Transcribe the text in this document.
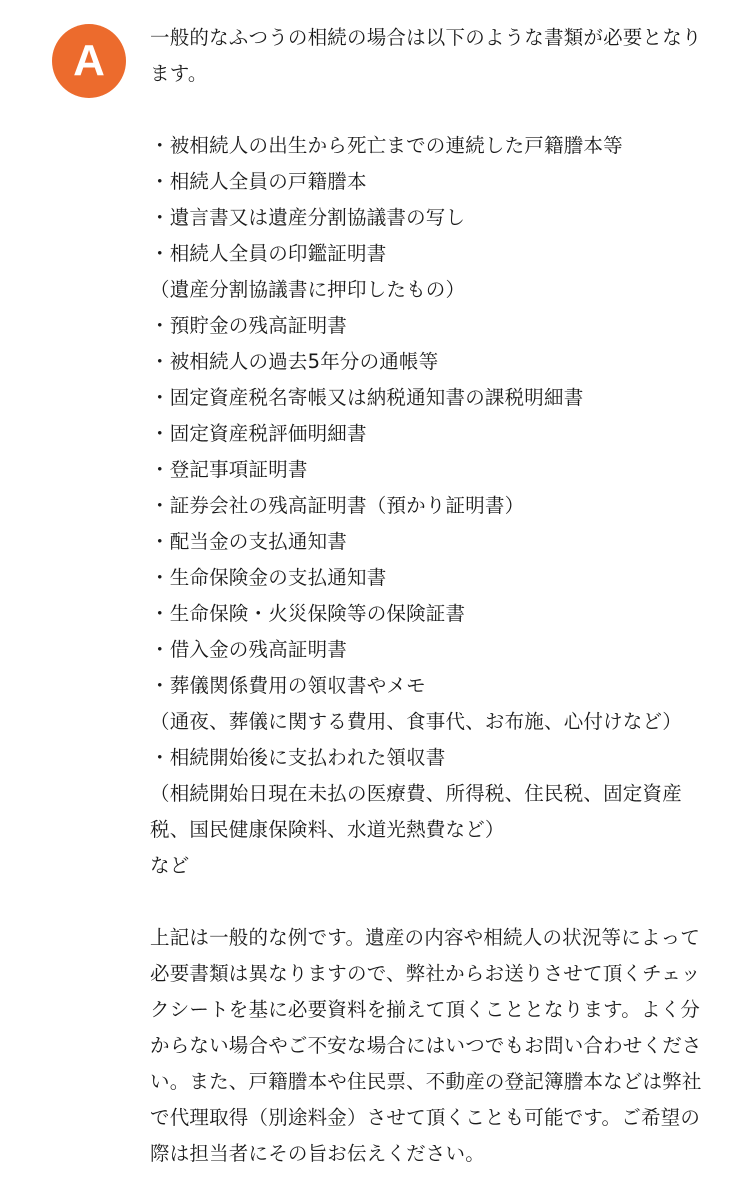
A 一般的なふつうの相続の場合は以下のような書類が必要となります。

・被相続人の出生から死亡までの連続した戸籍謄本等

・相続人全員の戸籍謄本

・遺言書又は遺産分割協議書の写し

・相続人全員の印鑑証明書

（遺産分割協議書に押印したもの）

・預貯金の残高証明書

・被相続人の過去5年分の通帳等

・固定資産税名寄帳又は納税通知書の課税明細書

・固定資産税評価明細書

・登記事項証明書

・証券会社の残高証明書（預かり証明書）

・配当金の支払通知書

・生命保険金の支払通知書

・生命保険・火災保険等の保険証書

・借入金の残高証明書

・葬儀関係費用の領収書やメモ

（通夜、葬儀に関する費用、食事代、お布施、心付けなど）

・相続開始後に支払われた領収書

（相続開始日現在未払の医療費、所得税、住民税、固定資産税、国民健康保険料、水道光熱費など）

など

上記は一般的な例です。遺産の内容や相続人の状況等によって必要書類は異なりますので、弊社からお送りさせて頂くチェックシートを基に必要資料を揃えて頂くこととなります。よく分からない場合やご不安な場合にはいつでもお問い合わせください。また、戸籍謄本や住民票、不動産の登記簿謄本などは弊社で代理取得（別途料金）させて頂くことも可能です。ご希望の際は担当者にその旨お伝えください。
